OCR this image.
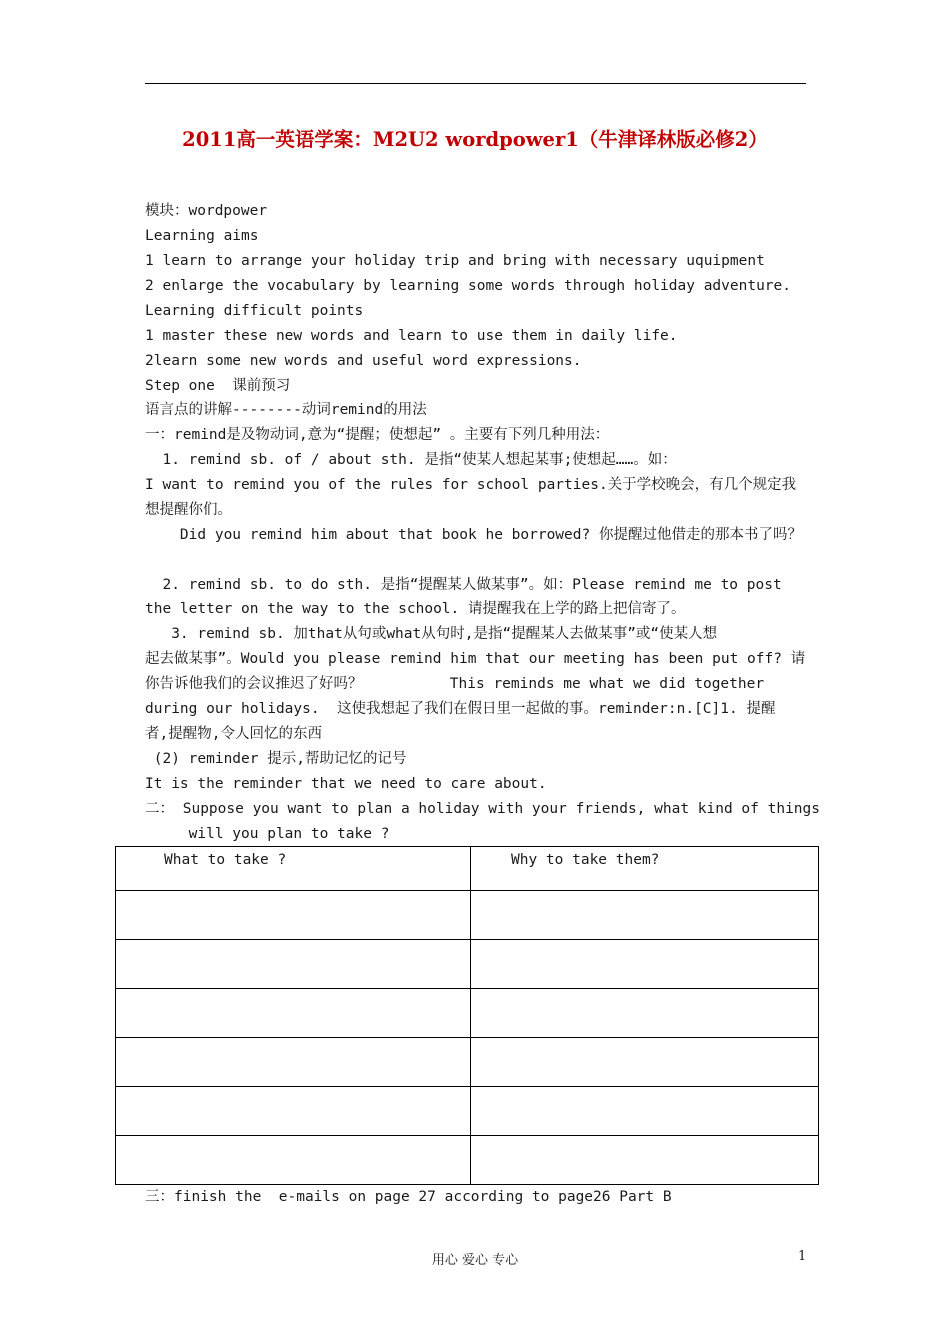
2011高一英语学案：M2U2 wordpower1（牛津译林版必修2）
模块：wordpower
Learning aims
1 learn to arrange your holiday trip and bring with necessary uquipment
2 enlarge the vocabulary by learning some words through holiday adventure.
Learning difficult points
1 master these new words and learn to use them in daily life.
2learn some new words and useful word expressions.
Step one  课前预习
语言点的讲解--------动词remind的用法
一：remind是及物动词,意为“提醒；使想起” 。主要有下列几种用法：
1. remind sb. of / about sth. 是指“使某人想起某事;使想起……。如：
I want to remind you of the rules for school parties.关于学校晚会，有几个规定我
想提醒你们。
Did you remind him about that book he borrowed? 你提醒过他借走的那本书了吗？
2. remind sb. to do sth. 是指“提醒某人做某事”。如：Please remind me to post
the letter on the way to the school. 请提醒我在上学的路上把信寄了。
3. remind sb. 加that从句或what从句时,是指“提醒某人去做某事”或“使某人想
起去做某事”。Would you please remind him that our meeting has been put off? 请
你告诉他我们的会议推迟了好吗？          This reminds me what we did together
during our holidays.  这使我想起了我们在假日里一起做的事。reminder:n.[C]1. 提醒
者,提醒物,令人回忆的东西
(2) reminder 提示,帮助记忆的记号
It is the reminder that we need to care about.
二： Suppose you want to plan a holiday with your friends, what kind of things
will you plan to take ?
What to take ?	Why to take them?

三：finish the  e-mails on page 27 according to page26 Part B
用心 爱心 专心	1
